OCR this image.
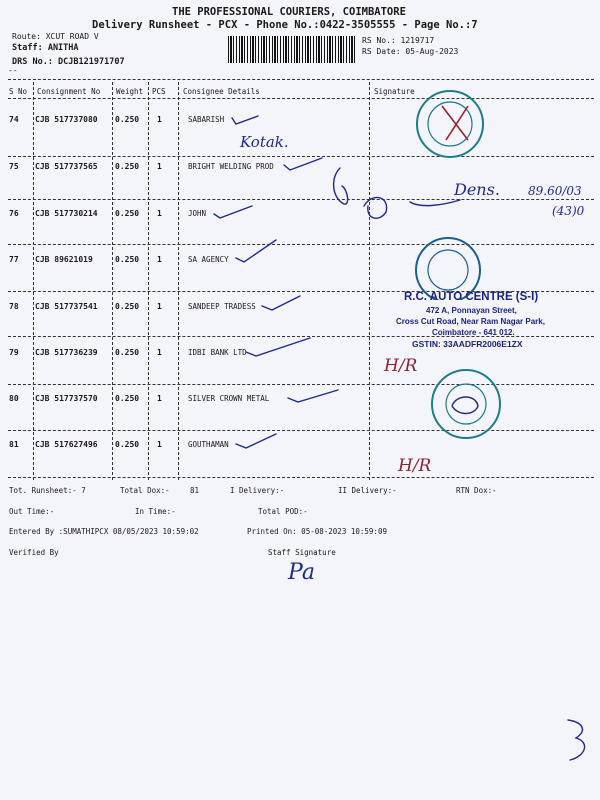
THE PROFESSIONAL COURIERS, COIMBATORE
Delivery Runsheet - PCX - Phone No.:0422-3505555 - Page No.:7
Route: XCUT ROAD V
Staff: ANITHA
DRS No.: DCJB121971707
RS No.: 1219717
RS Date: 05-Aug-2023
--
S No Consignment No Weight PCS Consignee Details	Signature
74 CJB 517737080 0.250 1	SABARISH
75 CJB 517737565 0.250 1	BRIGHT WELDING PROD
76 CJB 517730214 0.250 1	JOHN
77 CJB 89621019	0.250 1	SA AGENCY
78 CJB 517737541 0.250 1	SANDEEP TRADESS
79 CJB 517736239 0.250 1	IDBI BANK LTD
80 CJB 517737570 0.250 1	SILVER CROWN METAL
81 CJB 517627496 0.250 1	GOUTHAMAN
Kotak.
Dens. 89.60/03
(43)0
H/R
H/R
R.C. AUTO CENTRE (S-I)
472 A, Ponnayan Street,
Cross Cut Road, Near Ram Nagar Park,
Coimbatore - 641 012.
GSTIN: 33AADFR2006E1ZX
Tot. Runsheet:- 7	Total Dox:-	81	I Delivery:-	II Delivery:-	RTN Dox:-
Out Time:-	In Time:-	Total POD:-
Entered By :SUMATHIPCX 08/05/2023 10:59:02	Printed On: 05-08-2023 10:59:09
Verified By	Staff Signature
Pa
